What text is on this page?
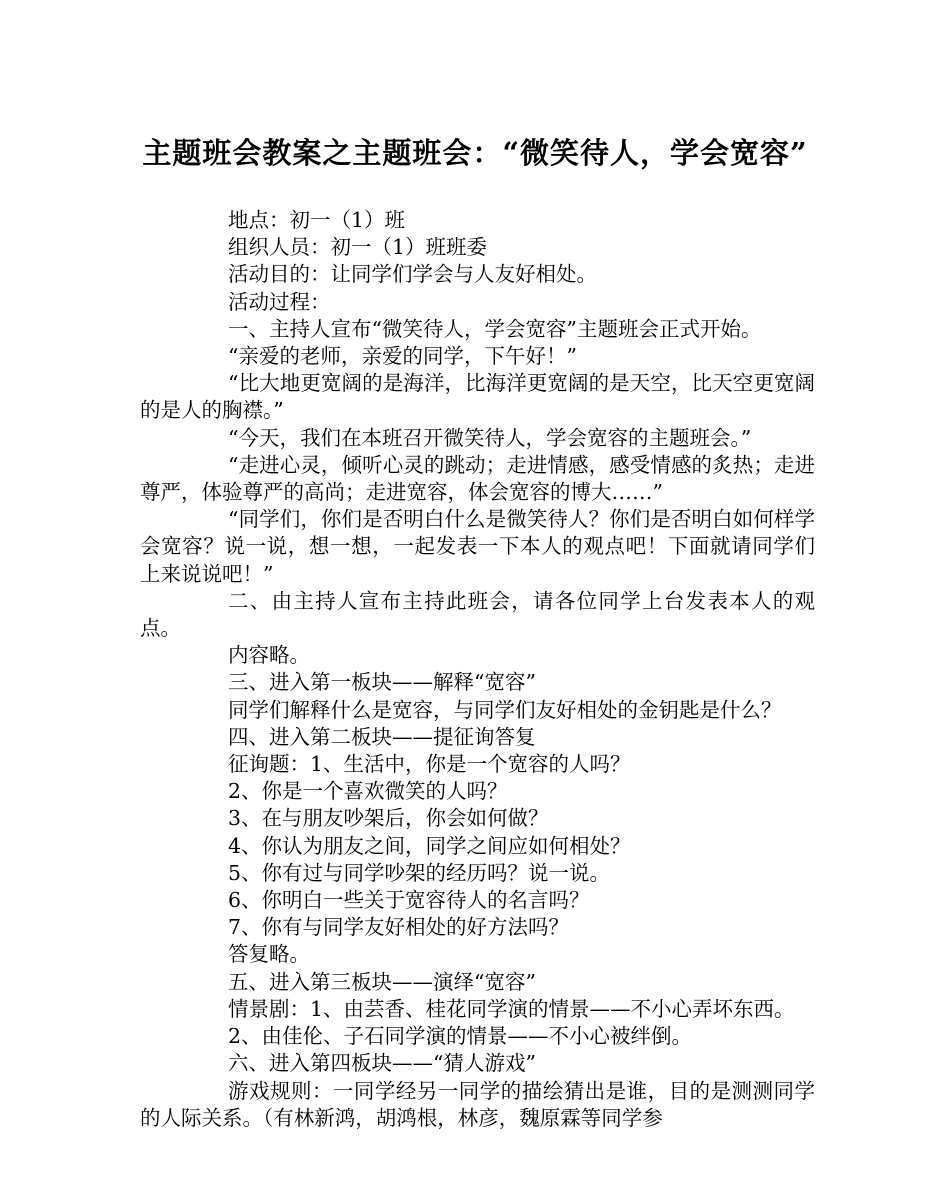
主题班会教案之主题班会：“微笑待人，学会宽容”

地点：初一（1）班

组织人员：初一（1）班班委

活动目的：让同学们学会与人友好相处。

活动过程：

一、主持人宣布“微笑待人，学会宽容”主题班会正式开始。

“亲爱的老师，亲爱的同学，下午好！”

“比大地更宽阔的是海洋，比海洋更宽阔的是天空，比天空更宽阔的是人的胸襟。”

“今天，我们在本班召开微笑待人，学会宽容的主题班会。”

“走进心灵，倾听心灵的跳动；走进情感，感受情感的炙热；走进尊严，体验尊严的高尚；走进宽容，体会宽容的博大……”

“同学们，你们是否明白什么是微笑待人？你们是否明白如何样学会宽容？说一说，想一想，一起发表一下本人的观点吧！下面就请同学们上来说说吧！”

二、由主持人宣布主持此班会，请各位同学上台发表本人的观点。

内容略。

三、进入第一板块——解释“宽容”

同学们解释什么是宽容，与同学们友好相处的金钥匙是什么？

四、进入第二板块——提征询答复

征询题：1、生活中，你是一个宽容的人吗？

2、你是一个喜欢微笑的人吗？

3、在与朋友吵架后，你会如何做？

4、你认为朋友之间，同学之间应如何相处？

5、你有过与同学吵架的经历吗？说一说。

6、你明白一些关于宽容待人的名言吗？

7、你有与同学友好相处的好方法吗？

答复略。

五、进入第三板块——演绎“宽容”

情景剧：1、由芸香、桂花同学演的情景——不小心弄坏东西。

2、由佳伦、子石同学演的情景——不小心被绊倒。

六、进入第四板块——“猜人游戏”

游戏规则：一同学经另一同学的描绘猜出是谁，目的是测测同学的人际关系。（有林新鸿，胡鸿根，林彦，魏原霖等同学参
